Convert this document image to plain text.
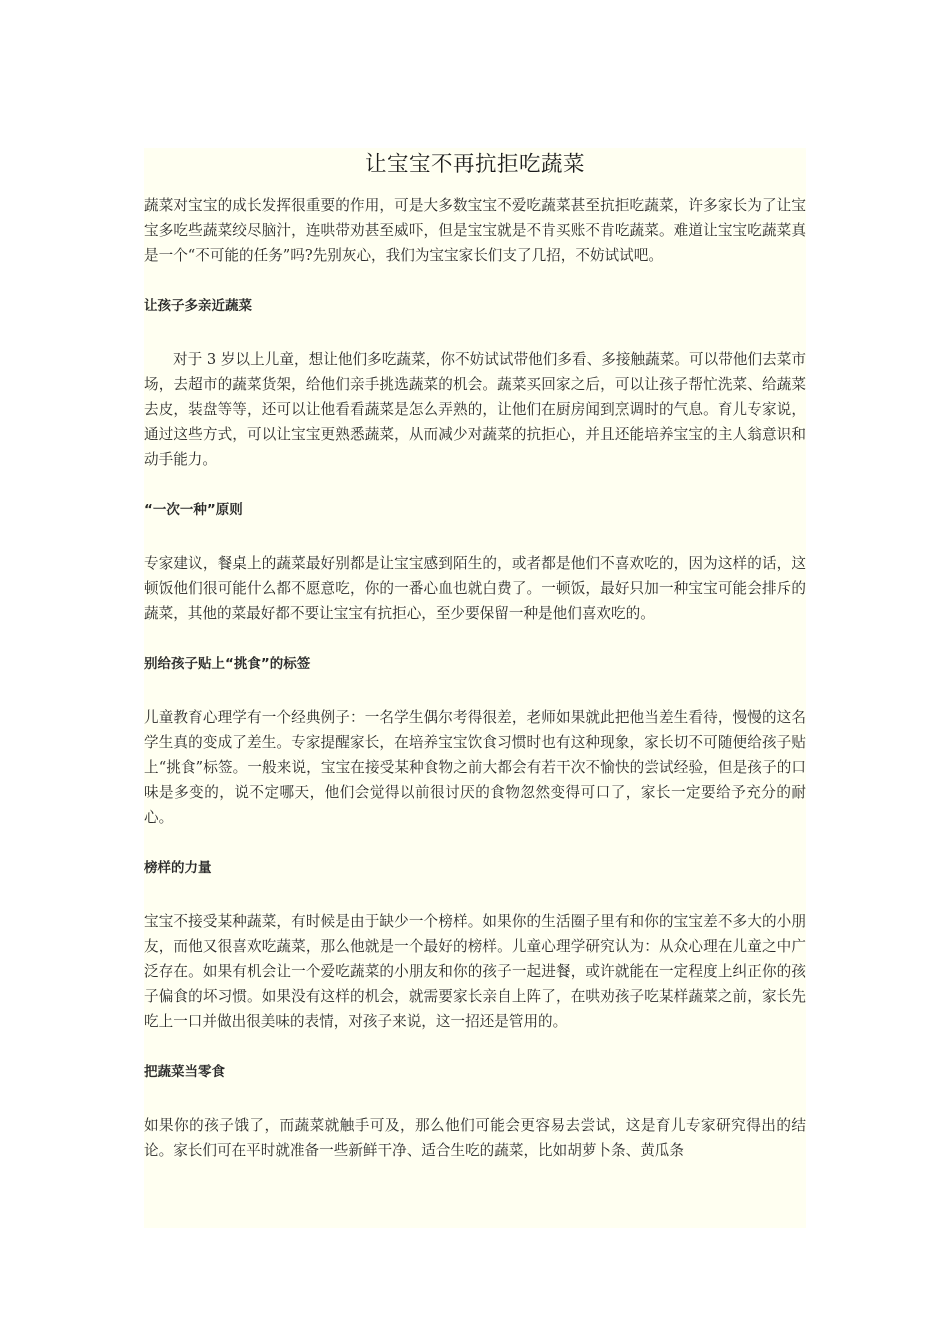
让宝宝不再抗拒吃蔬菜

蔬菜对宝宝的成长发挥很重要的作用，可是大多数宝宝不爱吃蔬菜甚至抗拒吃蔬菜，许多家长为了让宝宝多吃些蔬菜绞尽脑汁，连哄带劝甚至威吓，但是宝宝就是不肯买账不肯吃蔬菜。难道让宝宝吃蔬菜真是一个“不可能的任务”吗?先别灰心，我们为宝宝家长们支了几招，不妨试试吧。

让孩子多亲近蔬菜

对于 3 岁以上儿童，想让他们多吃蔬菜，你不妨试试带他们多看、多接触蔬菜。可以带他们去菜市场，去超市的蔬菜货架，给他们亲手挑选蔬菜的机会。蔬菜买回家之后，可以让孩子帮忙洗菜、给蔬菜去皮，装盘等等，还可以让他看看蔬菜是怎么弄熟的，让他们在厨房闻到烹调时的气息。育儿专家说，通过这些方式，可以让宝宝更熟悉蔬菜，从而减少对蔬菜的抗拒心，并且还能培养宝宝的主人翁意识和动手能力。

“一次一种”原则

专家建议，餐桌上的蔬菜最好别都是让宝宝感到陌生的，或者都是他们不喜欢吃的，因为这样的话，这顿饭他们很可能什么都不愿意吃，你的一番心血也就白费了。一顿饭，最好只加一种宝宝可能会排斥的蔬菜，其他的菜最好都不要让宝宝有抗拒心，至少要保留一种是他们喜欢吃的。

别给孩子贴上“挑食”的标签

儿童教育心理学有一个经典例子：一名学生偶尔考得很差，老师如果就此把他当差生看待，慢慢的这名学生真的变成了差生。专家提醒家长，在培养宝宝饮食习惯时也有这种现象，家长切不可随便给孩子贴上“挑食”标签。一般来说，宝宝在接受某种食物之前大都会有若干次不愉快的尝试经验，但是孩子的口味是多变的，说不定哪天，他们会觉得以前很讨厌的食物忽然变得可口了，家长一定要给予充分的耐心。

榜样的力量

宝宝不接受某种蔬菜，有时候是由于缺少一个榜样。如果你的生活圈子里有和你的宝宝差不多大的小朋友，而他又很喜欢吃蔬菜，那么他就是一个最好的榜样。儿童心理学研究认为：从众心理在儿童之中广泛存在。如果有机会让一个爱吃蔬菜的小朋友和你的孩子一起进餐，或许就能在一定程度上纠正你的孩子偏食的坏习惯。如果没有这样的机会，就需要家长亲自上阵了，在哄劝孩子吃某样蔬菜之前，家长先吃上一口并做出很美味的表情，对孩子来说，这一招还是管用的。

把蔬菜当零食

如果你的孩子饿了，而蔬菜就触手可及，那么他们可能会更容易去尝试，这是育儿专家研究得出的结论。家长们可在平时就准备一些新鲜干净、适合生吃的蔬菜，比如胡萝卜条、黄瓜条
